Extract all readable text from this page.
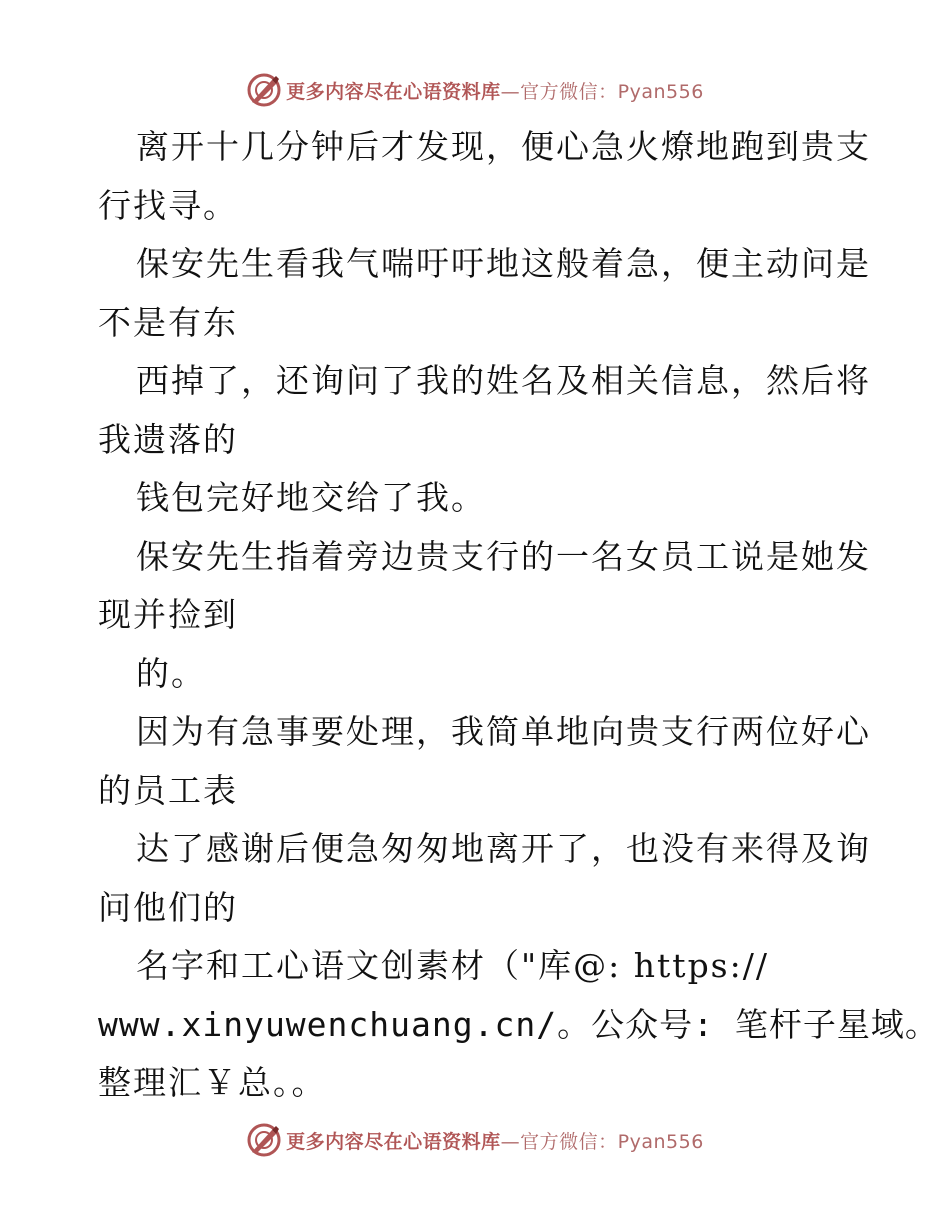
更多内容尽在心语资料库 —官方微信：Pyan556
离开十几分钟后才发现，便心急火燎地跑到贵支
行找寻。
保安先生看我气喘吁吁地这般着急，便主动问是
不是有东
西掉了，还询问了我的姓名及相关信息，然后将
我遗落的
钱包完好地交给了我。
保安先生指着旁边贵支行的一名女员工说是她发
现并捡到
的。
因为有急事要处理，我简单地向贵支行两位好心
的员工表
达了感谢后便急匆匆地离开了，也没有来得及询
问他们的
名字和工心语文创素材（"库@: https://
www.xinyuwenchuang.cn/。公众号: 笔杆子星域。
整理汇￥总。。
更多内容尽在心语资料库 —官方微信：Pyan556
